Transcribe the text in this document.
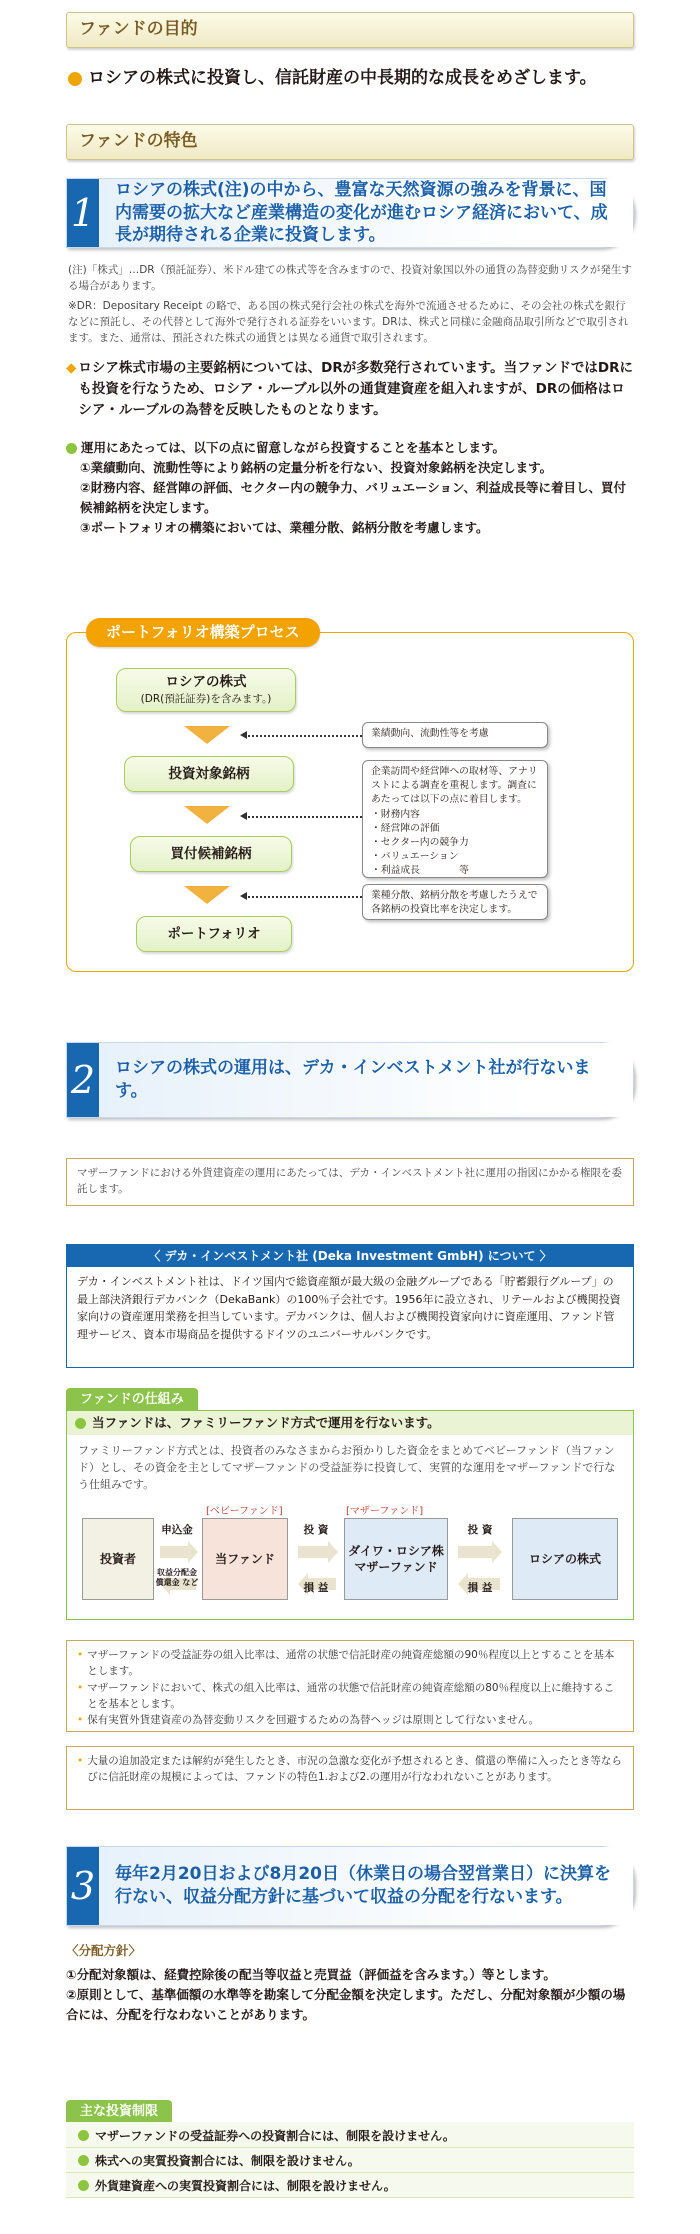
ファンドの目的
ロシアの株式に投資し、信託財産の中長期的な成長をめざします。
ファンドの特色
1
ロシアの株式(注)の中から、豊富な天然資源の強みを背景に、国内需要の拡大など産業構造の変化が進むロシア経済において、成長が期待される企業に投資します。

(注)「株式」…DR（預託証券）、米ドル建ての株式等を含みますので、投資対象国以外の通貨の為替変動リスクが発生する場合があります。

※DR：Depositary Receipt の略で、ある国の株式発行会社の株式を海外で流通させるために、その会社の株式を銀行などに預託し、その代替として海外で発行される証券をいいます。DRは、株式と同様に金融商品取引所などで取引されます。また、通常は、預託された株式の通貨とは異なる通貨で取引されます。

◆ ロシア株式市場の主要銘柄については、DRが多数発行されています。当ファンドではDRにも投資を行なうため、ロシア・ルーブル以外の通貨建資産を組入れますが、DRの価格はロシア・ルーブルの為替を反映したものとなります。
運用にあたっては、以下の点に留意しながら投資することを基本とします。

①業績動向、流動性等により銘柄の定量分析を行ない、投資対象銘柄を決定します。

②財務内容、経営陣の評価、セクター内の競争力、バリュエーション、利益成長等に着目し、買付候補銘柄を決定します。

③ポートフォリオの構築においては、業種分散、銘柄分散を考慮します。

ポートフォリオ構築プロセス
ロシアの株式
(DR(預託証券)を含みます。)
投資対象銘柄
買付候補銘柄
ポートフォリオ
業績動向、流動性等を考慮

企業訪問や経営陣への取材等、アナリストによる調査を重視します。調査にあたっては以下の点に着目します。

・財務内容

・経営陣の評価

・セクター内の競争力

・バリュエーション

・利益成長　　　　等

業種分散、銘柄分散を考慮したうえで各銘柄の投資比率を決定します。
2	ロシアの株式の運用は、デカ・インベストメント社が行ないます。
マザーファンドにおける外貨建資産の運用にあたっては、デカ・インベストメント社に運用の指図にかかる権限を委託します。
〈 デカ・インベストメント社 (Deka Investment GmbH) について 〉
デカ・インベストメント社は、ドイツ国内で総資産額が最大級の金融グループである「貯蓄銀行グループ」の最上部決済銀行デカバンク（DekaBank）の100％子会社です。1956年に設立され、リテールおよび機関投資家向けの資産運用業務を担当しています。デカバンクは、個人および機関投資家向けに資産運用、ファンド管理サービス、資本市場商品を提供するドイツのユニバーサルバンクです。
ファンドの仕組み
当ファンドは、ファミリーファンド方式で運用を行ないます。
ファミリーファンド方式とは、投資者のみなさまからお預かりした資金をまとめてベビーファンド（当ファンド）とし、その資金を主としてマザーファンドの受益証券に投資して、実質的な運用をマザーファンドで行なう仕組みです。
[ベビーファンド]	[マザーファンド]
投資者	当ファンド
ダイワ・ロシア株
マザーファンド
ロシアの株式
申込金
収益分配金
償還金 など
投 資
損 益
投 資
損 益
• マザーファンドの受益証券の組入比率は、通常の状態で信託財産の純資産総額の90％程度以上とすることを基本とします。
• マザーファンドにおいて、株式の組入比率は、通常の状態で信託財産の純資産総額の80％程度以上に維持することを基本とします。
• 保有実質外貨建資産の為替変動リスクを回避するための為替ヘッジは原則として行ないません。
• 大量の追加設定または解約が発生したとき、市況の急激な変化が予想されるとき、償還の準備に入ったとき等ならびに信託財産の規模によっては、ファンドの特色1.および2.の運用が行なわれないことがあります。
3	毎年2月20日および8月20日（休業日の場合翌営業日）に決算を行ない、収益分配方針に基づいて収益の分配を行ないます。

〈分配方針〉

①分配対象額は、経費控除後の配当等収益と売買益（評価益を含みます。）等とします。

②原則として、基準価額の水準等を勘案して分配金額を決定します。ただし、分配対象額が少額の場合には、分配を行なわないことがあります。

主な投資制限
マザーファンドの受益証券への投資割合には、制限を設けません。
株式への実質投資割合には、制限を設けません。
外貨建資産への実質投資割合には、制限を設けません。
